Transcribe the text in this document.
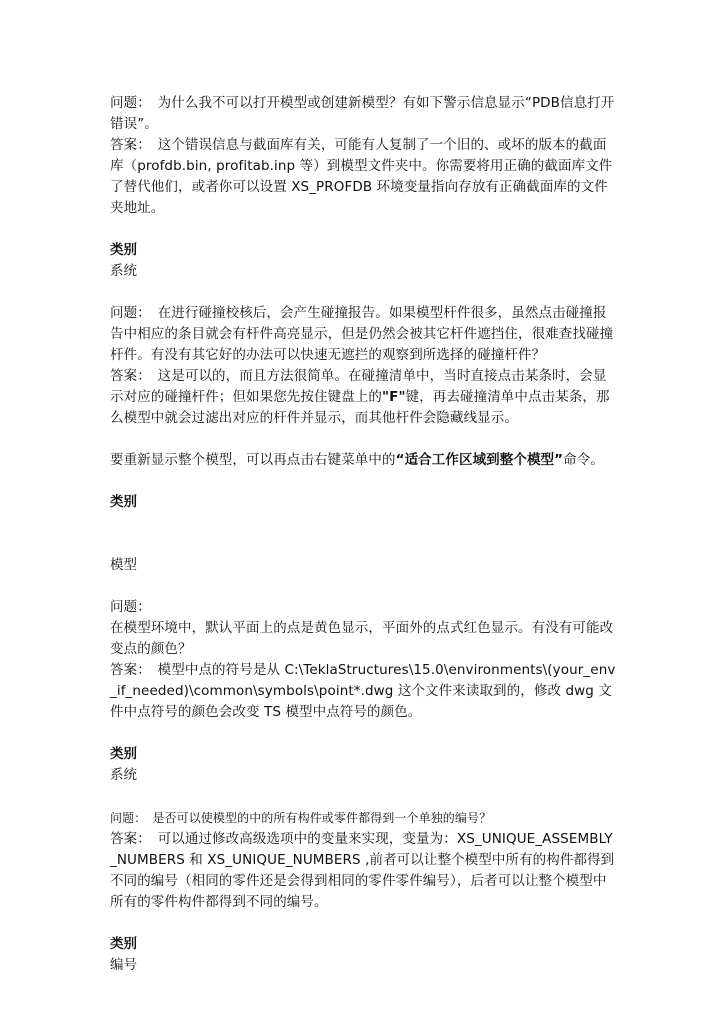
问题：　为什么我不可以打开模型或创建新模型？有如下警示信息显示“PDB信息打开错误”。

答案：　这个错误信息与截面库有关，可能有人复制了一个旧的、或坏的版本的截面库（profdb.bin, profitab.inp 等）到模型文件夹中。你需要将用正确的截面库文件了替代他们，或者你可以设置 XS_PROFDB 环境变量指向存放有正确截面库的文件夹地址。

类别

系统

问题：　在进行碰撞校核后，会产生碰撞报告。如果模型杆件很多，虽然点击碰撞报告中相应的条目就会有杆件高亮显示，但是仍然会被其它杆件遮挡住，很难查找碰撞杆件。有没有其它好的办法可以快速无遮拦的观察到所选择的碰撞杆件？

答案：　这是可以的，而且方法很简单。在碰撞清单中，当时直接点击某条时，会显示对应的碰撞杆件；但如果您先按住键盘上的"F"键，再去碰撞清单中点击某条，那么模型中就会过滤出对应的杆件并显示，而其他杆件会隐藏线显示。

要重新显示整个模型，可以再点击右键菜单中的“适合工作区域到整个模型”命令。

类别

模型

问题：

在模型环境中，默认平面上的点是黄色显示，平面外的点式红色显示。有没有可能改变点的颜色？

答案：　模型中点的符号是从 C:\TeklaStructures\15.0\environments\(your_env_if_needed)\common\symbols\point*.dwg 这个文件来读取到的，修改 dwg 文件中点符号的颜色会改变 TS 模型中点符号的颜色。

类别

系统

问题：　是否可以使模型的中的所有构件或零件都得到一个单独的编号？

答案：　可以通过修改高级选项中的变量来实现，变量为：XS_UNIQUE_ASSEMBLY_NUMBERS 和 XS_UNIQUE_NUMBERS ,前者可以让整个模型中所有的构件都得到不同的编号（相同的零件还是会得到相同的零件零件编号），后者可以让整个模型中所有的零件构件都得到不同的编号。

类别

编号
